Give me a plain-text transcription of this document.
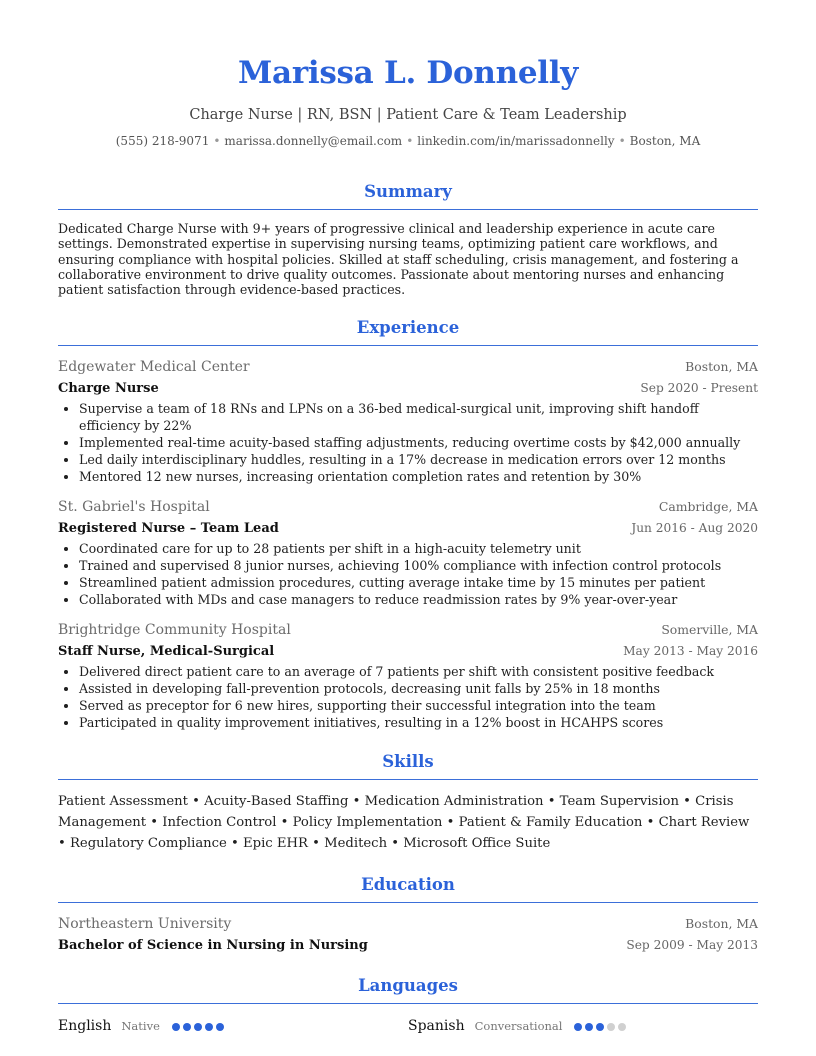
Marissa L. Donnelly
Charge Nurse | RN, BSN | Patient Care & Team Leadership
(555) 218-9071 • marissa.donnelly@email.com • linkedin.com/in/marissadonnelly • Boston, MA
Summary
Dedicated Charge Nurse with 9+ years of progressive clinical and leadership experience in acute care settings. Demonstrated expertise in supervising nursing teams, optimizing patient care workflows, and ensuring compliance with hospital policies. Skilled at staff scheduling, crisis management, and fostering a collaborative environment to drive quality outcomes. Passionate about mentoring nurses and enhancing patient satisfaction through evidence-based practices.
Experience
Edgewater Medical Center	Boston, MA
Charge Nurse	Sep 2020 - Present
• Supervise a team of 18 RNs and LPNs on a 36-bed medical-surgical unit, improving shift handoff efficiency by 22%
• Implemented real-time acuity-based staffing adjustments, reducing overtime costs by $42,000 annually
• Led daily interdisciplinary huddles, resulting in a 17% decrease in medication errors over 12 months
• Mentored 12 new nurses, increasing orientation completion rates and retention by 30%
St. Gabriel's Hospital	Cambridge, MA
Registered Nurse – Team Lead	Jun 2016 - Aug 2020
• Coordinated care for up to 28 patients per shift in a high-acuity telemetry unit
• Trained and supervised 8 junior nurses, achieving 100% compliance with infection control protocols
• Streamlined patient admission procedures, cutting average intake time by 15 minutes per patient
• Collaborated with MDs and case managers to reduce readmission rates by 9% year-over-year
Brightridge Community Hospital	Somerville, MA
Staff Nurse, Medical-Surgical	May 2013 - May 2016
• Delivered direct patient care to an average of 7 patients per shift with consistent positive feedback
• Assisted in developing fall-prevention protocols, decreasing unit falls by 25% in 18 months
• Served as preceptor for 6 new hires, supporting their successful integration into the team
• Participated in quality improvement initiatives, resulting in a 12% boost in HCAHPS scores
Skills
Patient Assessment • Acuity-Based Staffing • Medication Administration • Team Supervision • Crisis Management • Infection Control • Policy Implementation • Patient & Family Education • Chart Review • Regulatory Compliance • Epic EHR • Meditech • Microsoft Office Suite
Education
Northeastern University	Boston, MA
Bachelor of Science in Nursing in Nursing	Sep 2009 - May 2013
Languages
English Native	Spanish Conversational
